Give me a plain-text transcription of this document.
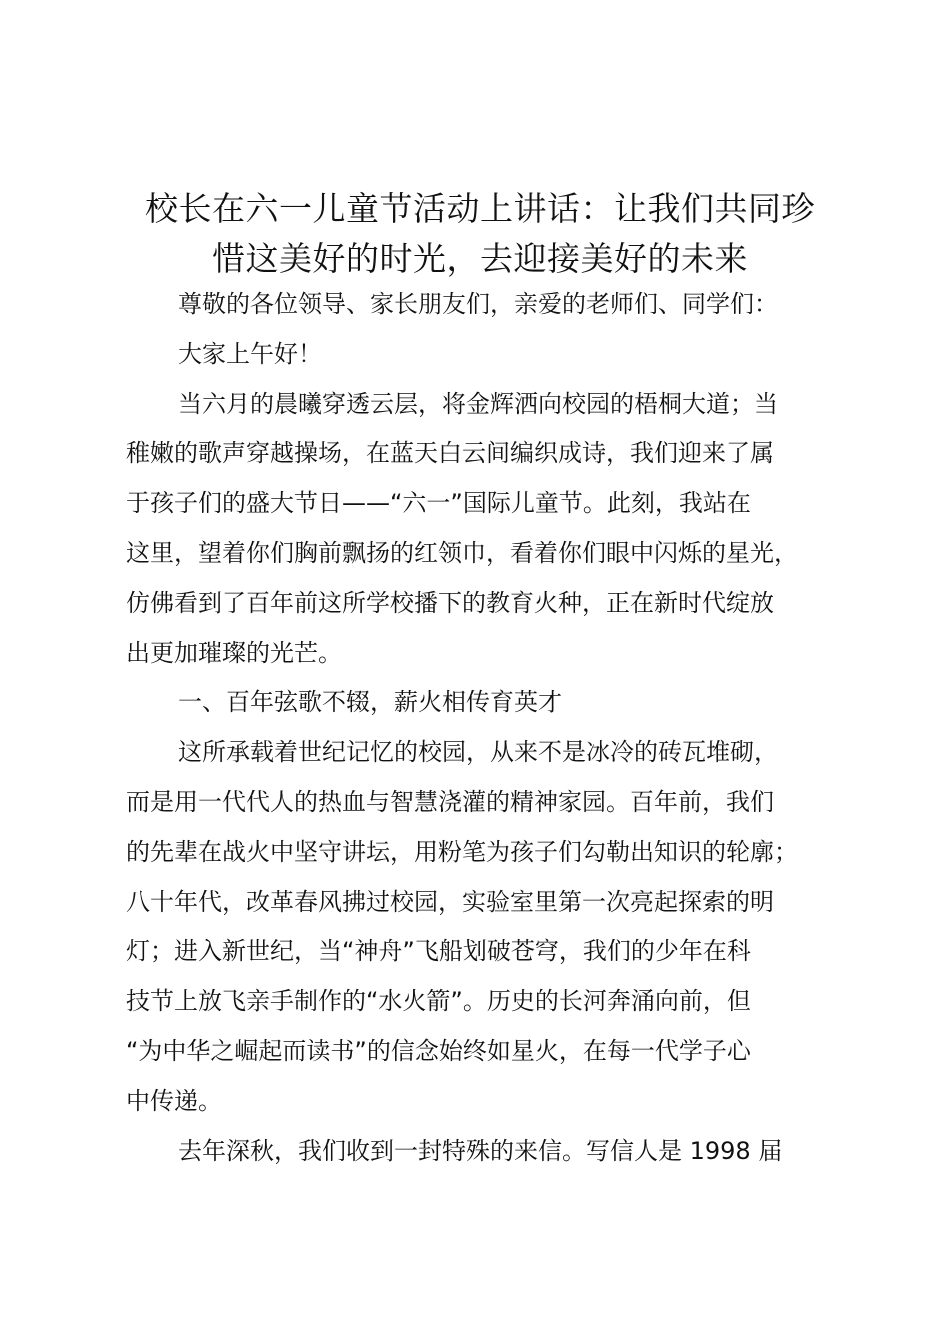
校长在六一儿童节活动上讲话：让我们共同珍
惜这美好的时光，去迎接美好的未来

尊敬的各位领导、家长朋友们，亲爱的老师们、同学们：

大家上午好！

当六月的晨曦穿透云层，将金辉洒向校园的梧桐大道；当
稚嫩的歌声穿越操场，在蓝天白云间编织成诗，我们迎来了属
于孩子们的盛大节日——“六一”国际儿童节。此刻，我站在
这里，望着你们胸前飘扬的红领巾，看着你们眼中闪烁的星光，
仿佛看到了百年前这所学校播下的教育火种，正在新时代绽放
出更加璀璨的光芒。

一、百年弦歌不辍，薪火相传育英才

这所承载着世纪记忆的校园，从来不是冰冷的砖瓦堆砌，
而是用一代代人的热血与智慧浇灌的精神家园。百年前，我们
的先辈在战火中坚守讲坛，用粉笔为孩子们勾勒出知识的轮廓；
八十年代，改革春风拂过校园，实验室里第一次亮起探索的明
灯；进入新世纪，当“神舟”飞船划破苍穹，我们的少年在科
技节上放飞亲手制作的“水火箭”。历史的长河奔涌向前，但
“为中华之崛起而读书”的信念始终如星火，在每一代学子心
中传递。

去年深秋，我们收到一封特殊的来信。写信人是 1998 届
